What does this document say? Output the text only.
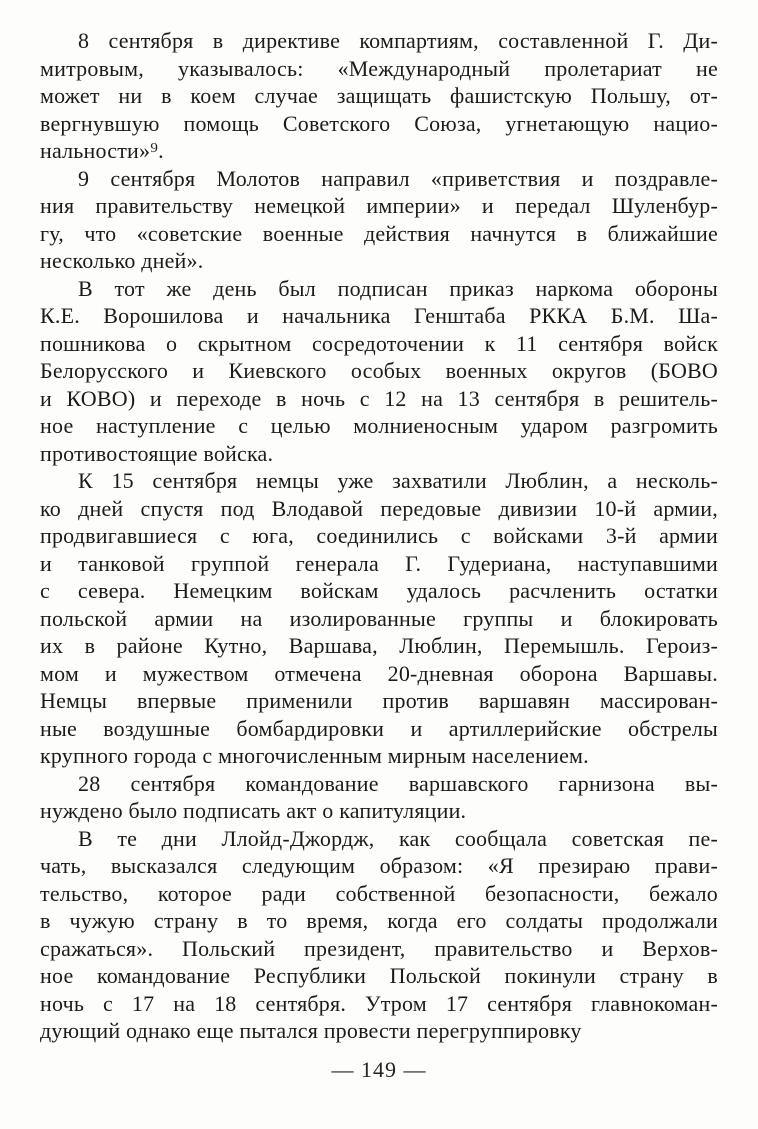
8 сентября в директиве компартиям, составленной Г. Ди-
митровым, указывалось: «Международный пролетариат не
может ни в коем случае защищать фашистскую Польшу, от-
вергнувшую помощь Советского Союза, угнетающую нацио-
нальности»⁹.
9 сентября Молотов направил «приветствия и поздравле-
ния правительству немецкой империи» и передал Шуленбур-
гу, что «советские военные действия начнутся в ближайшие
несколько дней».
В тот же день был подписан приказ наркома обороны
К.Е. Ворошилова и начальника Генштаба РККА Б.М. Ша-
пошникова о скрытном сосредоточении к 11 сентября войск
Белорусского и Киевского особых военных округов (БОВО
и КОВО) и переходе в ночь с 12 на 13 сентября в решитель-
ное наступление с целью молниеносным ударом разгромить
противостоящие войска.
К 15 сентября немцы уже захватили Люблин, а несколь-
ко дней спустя под Влодавой передовые дивизии 10-й армии,
продвигавшиеся с юга, соединились с войсками 3-й армии
и танковой группой генерала Г. Гудериана, наступавшими
с севера. Немецким войскам удалось расчленить остатки
польской армии на изолированные группы и блокировать
их в районе Кутно, Варшава, Люблин, Перемышль. Героиз-
мом и мужеством отмечена 20-дневная оборона Варшавы.
Немцы впервые применили против варшавян массирован-
ные воздушные бомбардировки и артиллерийские обстрелы
крупного города с многочисленным мирным населением.
28 сентября командование варшавского гарнизона вы-
нуждено было подписать акт о капитуляции.
В те дни Ллойд-Джордж, как сообщала советская пе-
чать, высказался следующим образом: «Я презираю прави-
тельство, которое ради собственной безопасности, бежало
в чужую страну в то время, когда его солдаты продолжали
сражаться». Польский президент, правительство и Верхов-
ное командование Республики Польской покинули страну в
ночь с 17 на 18 сентября. Утром 17 сентября главнокоман-
дующий однако еще пытался провести перегруппировку
— 149 —
